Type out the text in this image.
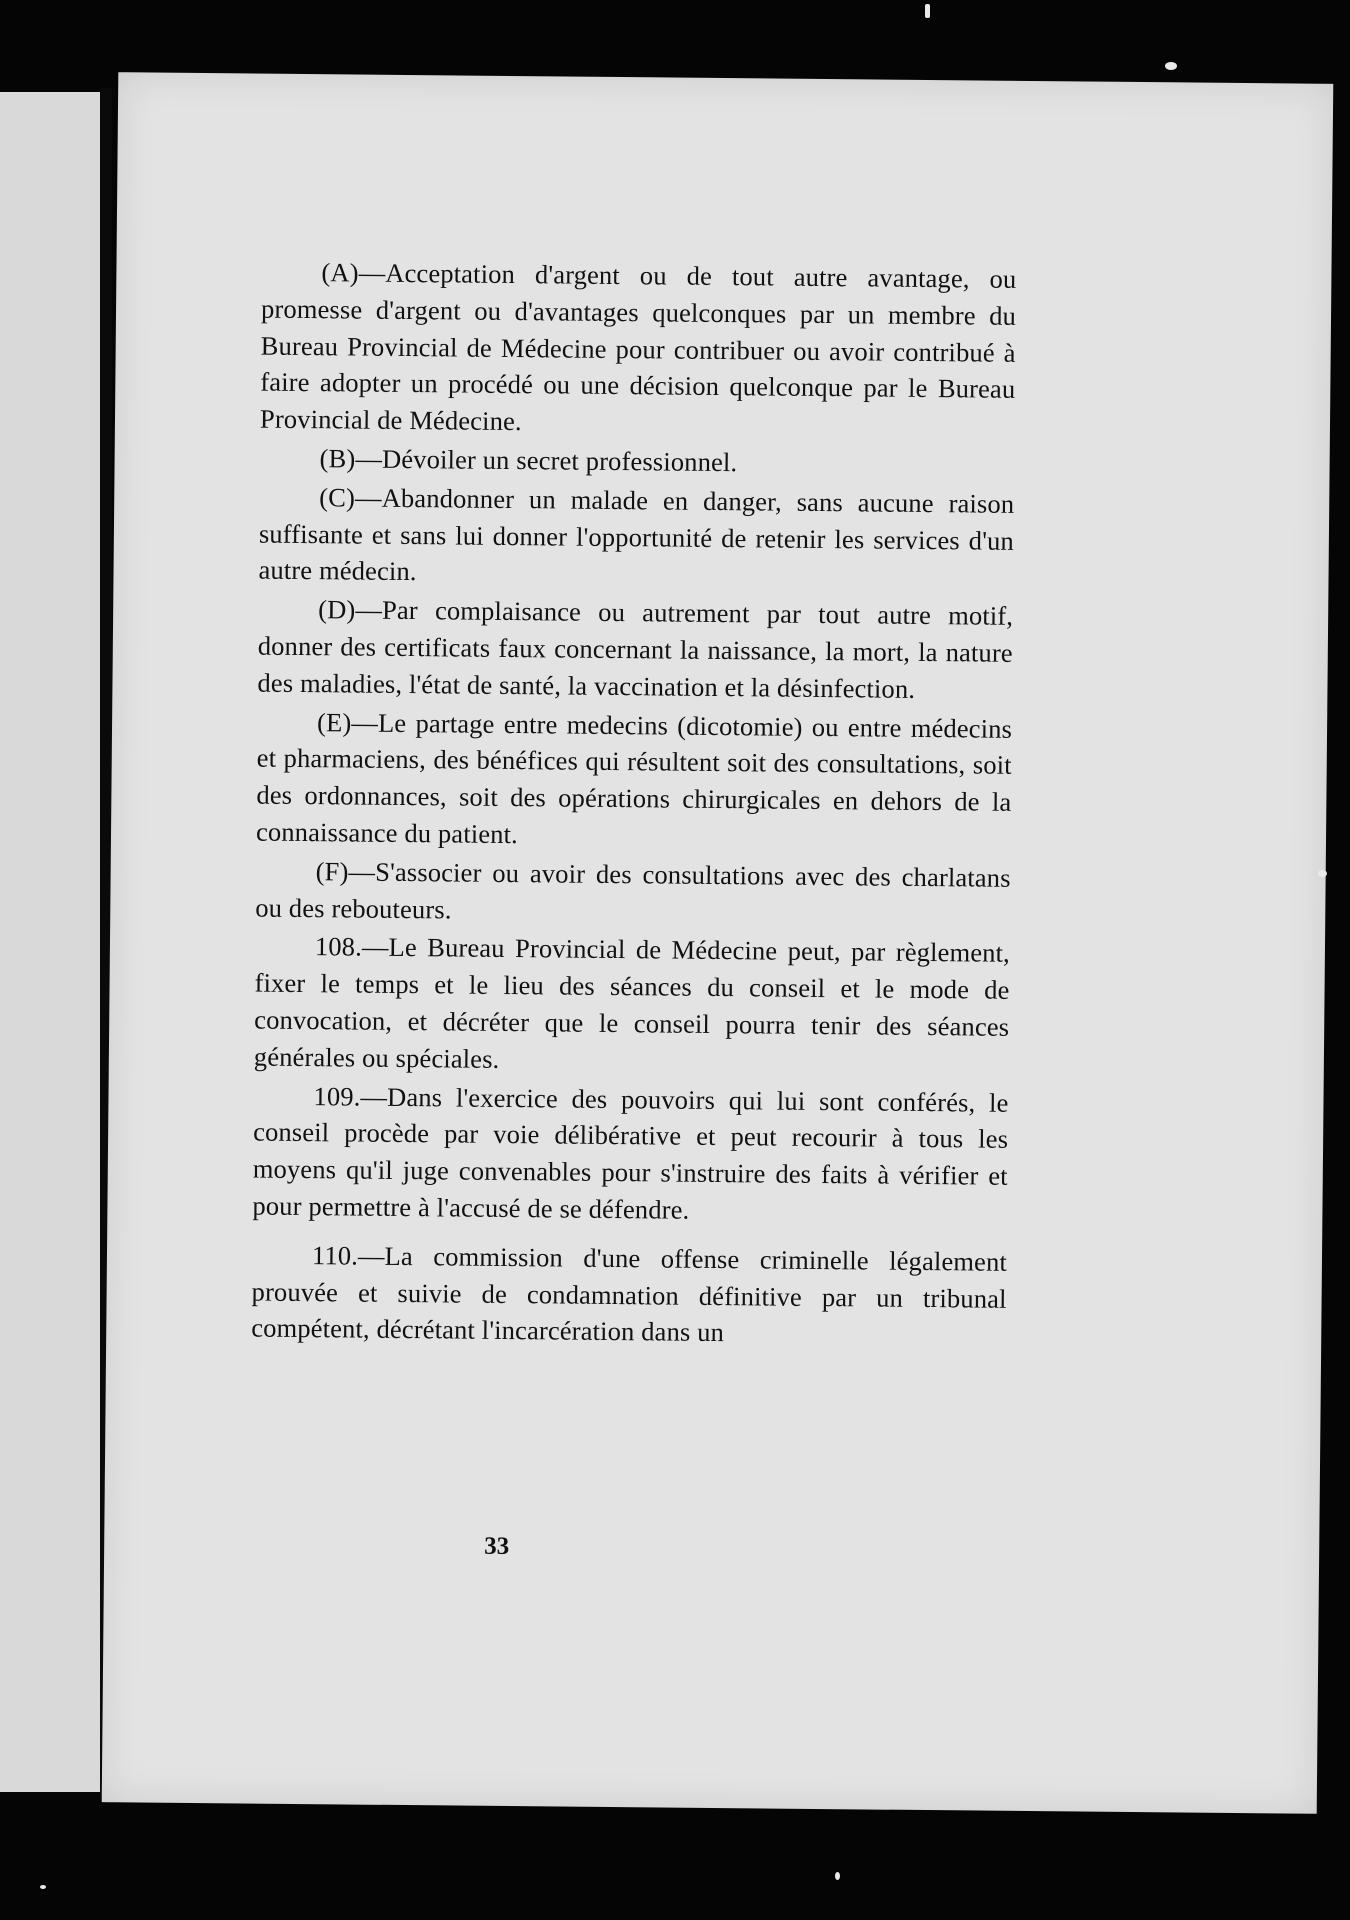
(A)—Acceptation d'argent ou de tout autre avantage, ou promesse d'argent ou d'avantages quelconques par un membre du Bureau Provincial de Médecine pour contribuer ou avoir contribué à faire adopter un procédé ou une décision quelconque par le Bureau Provincial de Médecine.

(B)—Dévoiler un secret professionnel.

(C)—Abandonner un malade en danger, sans aucune raison suffisante et sans lui donner l'opportunité de retenir les services d'un autre médecin.

(D)—Par complaisance ou autrement par tout autre motif, donner des certificats faux concernant la naissance, la mort, la nature des maladies, l'état de santé, la vaccination et la désinfection.

(E)—Le partage entre medecins (dicotomie) ou entre médecins et pharmaciens, des bénéfices qui résultent soit des consultations, soit des ordonnances, soit des opérations chirurgicales en dehors de la connaissance du patient.

(F)—S'associer ou avoir des consultations avec des charlatans ou des rebouteurs.

108.—Le Bureau Provincial de Médecine peut, par règlement, fixer le temps et le lieu des séances du conseil et le mode de convocation, et décréter que le conseil pourra tenir des séances générales ou spéciales.

109.—Dans l'exercice des pouvoirs qui lui sont conférés, le conseil procède par voie délibérative et peut recourir à tous les moyens qu'il juge convenables pour s'instruire des faits à vérifier et pour permettre à l'accusé de se défendre.

110.—La commission d'une offense criminelle légalement prouvée et suivie de condamnation définitive par un tribunal compétent, décrétant l'incarcération dans un

33
